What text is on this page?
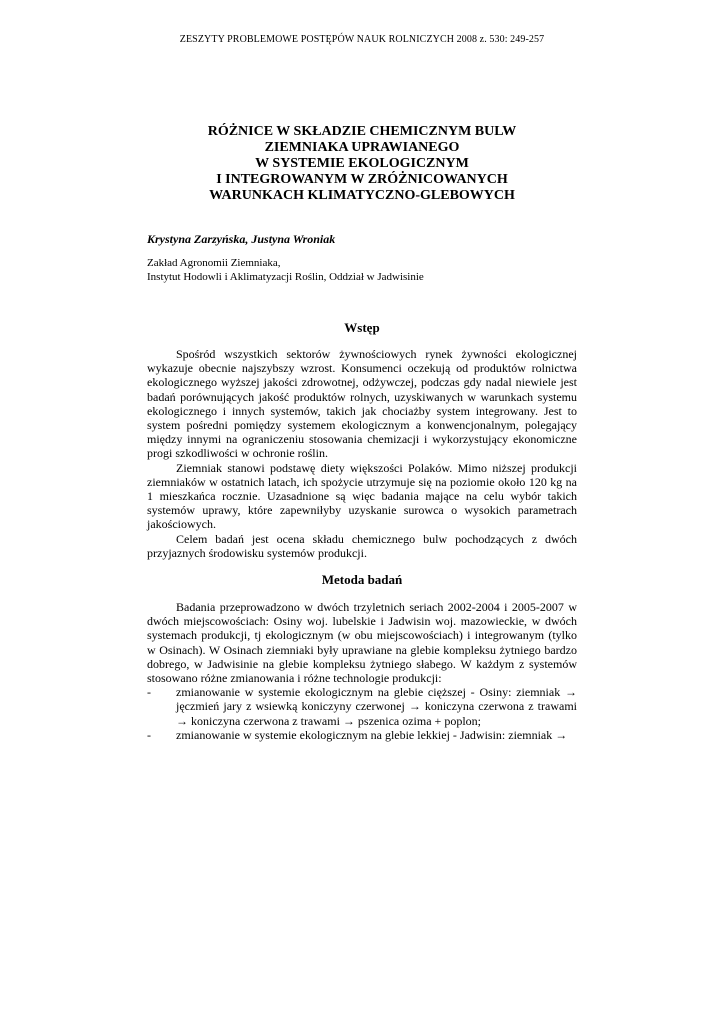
ZESZYTY PROBLEMOWE POSTĘPÓW NAUK ROLNICZYCH 2008 z. 530: 249-257
RÓŻNICE W SKŁADZIE CHEMICZNYM BULW
ZIEMNIAKA UPRAWIANEGO
W SYSTEMIE EKOLOGICZNYM
I INTEGROWANYM W ZRÓŻNICOWANYCH
WARUNKACH KLIMATYCZNO-GLEBOWYCH
Krystyna Zarzyńska, Justyna Wroniak
Zakład Agronomii Ziemniaka,
Instytut Hodowli i Aklimatyzacji Roślin, Oddział w Jadwisinie
Wstęp

Spośród wszystkich sektorów żywnościowych rynek żywności ekologicznej wykazuje obecnie najszybszy wzrost. Konsumenci oczekują od produktów rolnictwa ekologicznego wyższej jakości zdrowotnej, odżywczej, podczas gdy nadal niewiele jest badań porównujących jakość produktów rolnych, uzyskiwanych w warunkach systemu ekologicznego i innych systemów, takich jak chociażby system integrowany. Jest to system pośredni pomiędzy systemem ekologicznym a konwencjonalnym, polegający między innymi na ograniczeniu stosowania chemizacji i wykorzystujący ekonomiczne progi szkodliwości w ochronie roślin.

Ziemniak stanowi podstawę diety większości Polaków. Mimo niższej produkcji ziemniaków w ostatnich latach, ich spożycie utrzymuje się na poziomie około 120 kg na 1 mieszkańca rocznie. Uzasadnione są więc badania mające na celu wybór takich systemów uprawy, które zapewniłyby uzyskanie surowca o wysokich parametrach jakościowych.

Celem badań jest ocena składu chemicznego bulw pochodzących z dwóch przyjaznych środowisku systemów produkcji.

Metoda badań

Badania przeprowadzono w dwóch trzyletnich seriach 2002-2004 i 2005-2007 w dwóch miejscowościach: Osiny woj. lubelskie i Jadwisin woj. mazowieckie, w dwóch systemach produkcji, tj ekologicznym (w obu miejscowościach) i integrowanym (tylko w Osinach). W Osinach ziemniaki były uprawiane na glebie kompleksu żytniego bardzo dobrego, w Jadwisinie na glebie kompleksu żytniego słabego. W każdym z systemów stosowano różne zmianowania i różne technologie produkcji:

- zmianowanie w systemie ekologicznym na glebie cięższej - Osiny: ziemniak → jęczmień jary z wsiewką koniczyny czerwonej → koniczyna czerwona z trawami → koniczyna czerwona z trawami → pszenica ozima + poplon;
- zmianowanie w systemie ekologicznym na glebie lekkiej - Jadwisin: ziemniak →
